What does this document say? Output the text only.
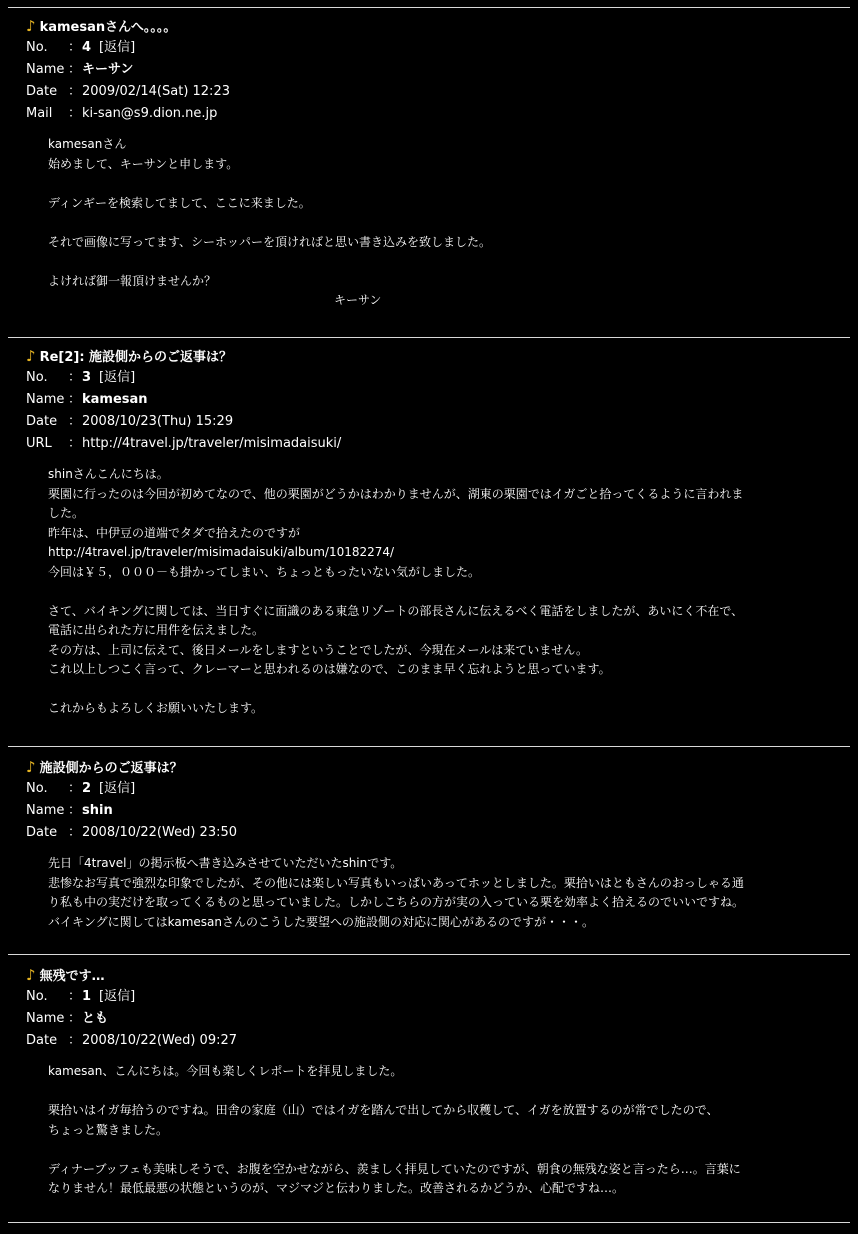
♪ kamesanさんへ。。。。
No. ：4 [返信]
Name ：キーサン
Date ：2009/02/14(Sat) 12:23
Mail ：ki-san@s9.dion.ne.jp

kamesanさん

始めまして、キーサンと申します。

ディンギーを検索してまして、ここに来ました。

それで画像に写ってます、シーホッパーを頂ければと思い書き込みを致しました。

よければ御一報頂けませんか？

キーサン

♪ Re[2]: 施設側からのご返事は？
No. ：3 [返信]
Name ：kamesan
Date ：2008/10/23(Thu) 15:29
URL ：http://4travel.jp/traveler/misimadaisuki/

shinさんこんにちは。

栗園に行ったのは今回が初めてなので、他の栗園がどうかはわかりませんが、湖東の栗園ではイガごと拾ってくるように言われま

した。

昨年は、中伊豆の道端でタダで拾えたのですが

http://4travel.jp/traveler/misimadaisuki/album/10182274/

今回は￥５，０００－も掛かってしまい、ちょっともったいない気がしました。

さて、バイキングに関しては、当日すぐに面識のある東急リゾートの部長さんに伝えるべく電話をしましたが、あいにく不在で、

電話に出られた方に用件を伝えました。

その方は、上司に伝えて、後日メールをしますということでしたが、今現在メールは来ていません。

これ以上しつこく言って、クレーマーと思われるのは嫌なので、このまま早く忘れようと思っています。

これからもよろしくお願いいたします。

♪ 施設側からのご返事は？
No. ：2 [返信]
Name ：shin
Date ：2008/10/22(Wed) 23:50

先日「4travel」の掲示板へ書き込みさせていただいたshinです。

悲惨なお写真で強烈な印象でしたが、その他には楽しい写真もいっぱいあってホッとしました。栗拾いはともさんのおっしゃる通

り私も中の実だけを取ってくるものと思っていました。しかしこちらの方が実の入っている栗を効率よく拾えるのでいいですね。

バイキングに関してはkamesanさんのこうした要望への施設側の対応に関心があるのですが・・・。

♪ 無残です…
No. ：1 [返信]
Name ：とも
Date ：2008/10/22(Wed) 09:27

kamesan、こんにちは。今回も楽しくレポートを拝見しました。

栗拾いはイガ毎拾うのですね。田舎の家庭（山）ではイガを踏んで出してから収穫して、イガを放置するのが常でしたので、

ちょっと驚きました。

ディナーブッフェも美味しそうで、お腹を空かせながら、羨ましく拝見していたのですが、朝食の無残な姿と言ったら…。言葉に

なりません！最低最悪の状態というのが、マジマジと伝わりました。改善されるかどうか、心配ですね…。
